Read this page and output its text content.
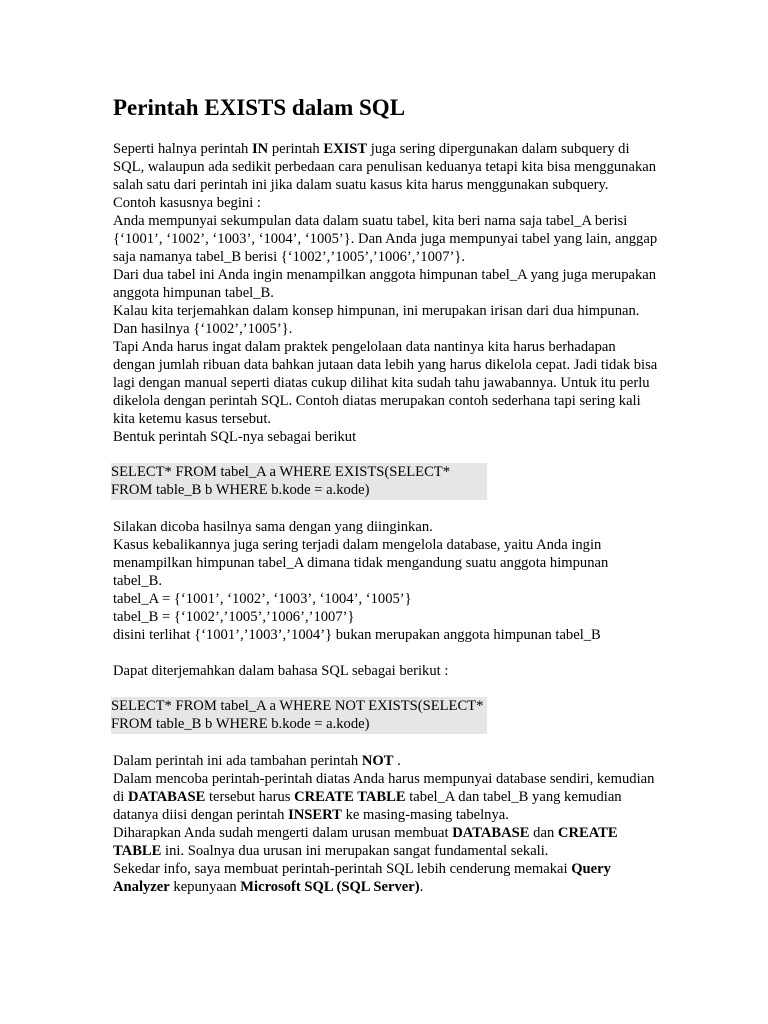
Perintah EXISTS dalam SQL

Seperti halnya perintah IN perintah EXIST juga sering dipergunakan dalam subquery di SQL, walaupun ada sedikit perbedaan cara penulisan keduanya tetapi kita bisa menggunakan salah satu dari perintah ini jika dalam suatu kasus kita harus menggunakan subquery.

Contoh kasusnya begini :

Anda mempunyai sekumpulan data dalam suatu tabel, kita beri nama saja tabel_A berisi {‘1001’, ‘1002’, ‘1003’, ‘1004’, ‘1005’}. Dan Anda juga mempunyai tabel yang lain, anggap saja namanya tabel_B berisi {‘1002’,’1005’,’1006’,’1007’}.

Dari dua tabel ini Anda ingin menampilkan anggota himpunan tabel_A yang juga merupakan anggota himpunan tabel_B.

Kalau kita terjemahkan dalam konsep himpunan, ini merupakan irisan dari dua himpunan. Dan hasilnya {‘1002’,’1005’}.

Tapi Anda harus ingat dalam praktek pengelolaan data nantinya kita harus berhadapan dengan jumlah ribuan data bahkan jutaan data lebih yang harus dikelola cepat. Jadi tidak bisa lagi dengan manual seperti diatas cukup dilihat kita sudah tahu jawabannya. Untuk itu perlu dikelola dengan perintah SQL. Contoh diatas merupakan contoh sederhana tapi sering kali kita ketemu kasus tersebut.

Bentuk perintah SQL-nya sebagai berikut

SELECT* FROM tabel_A a WHERE EXISTS(SELECT* FROM table_B b WHERE b.kode = a.kode)

Silakan dicoba hasilnya sama dengan yang diinginkan.

Kasus kebalikannya juga sering terjadi dalam mengelola database, yaitu Anda ingin menampilkan himpunan tabel_A dimana tidak mengandung suatu anggota himpunan tabel_B.

tabel_A = {‘1001’, ‘1002’, ‘1003’, ‘1004’, ‘1005’}

tabel_B = {‘1002’,’1005’,’1006’,’1007’}

disini terlihat {‘1001’,’1003’,’1004’} bukan merupakan anggota himpunan tabel_B

Dapat diterjemahkan dalam bahasa SQL sebagai berikut :

SELECT* FROM tabel_A a WHERE NOT EXISTS(SELECT* FROM table_B b WHERE b.kode = a.kode)

Dalam perintah ini ada tambahan perintah NOT .

Dalam mencoba perintah-perintah diatas Anda harus mempunyai database sendiri, kemudian di DATABASE tersebut harus CREATE TABLE tabel_A dan tabel_B yang kemudian datanya diisi dengan perintah INSERT ke masing-masing tabelnya.

Diharapkan Anda sudah mengerti dalam urusan membuat DATABASE dan CREATE TABLE ini. Soalnya dua urusan ini merupakan sangat fundamental sekali.

Sekedar info, saya membuat perintah-perintah SQL lebih cenderung memakai Query Analyzer kepunyaan Microsoft SQL (SQL Server).
